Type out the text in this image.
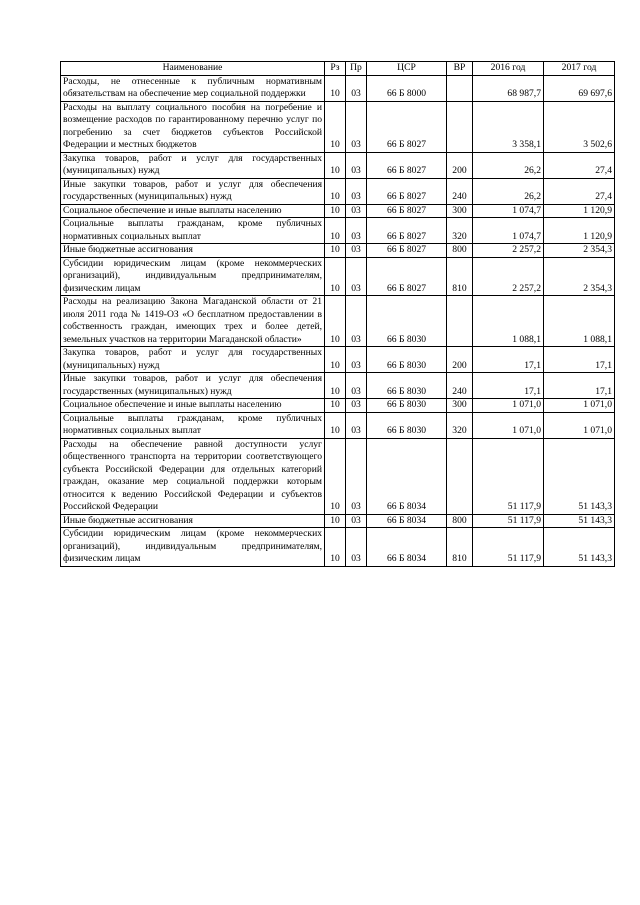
Наименование	Рз	Пр	ЦСР	ВР	2016 год	2017 год
Расходы, не отнесенные к публичным нормативным обязательствам на обеспечение мер социальной поддержки	10	03	66 Б 8000		68 987,7	69 697,6
Расходы на выплату социального пособия на погребение и возмещение расходов по гарантированному перечню услуг по погребению за счет бюджетов субъектов Российской Федерации и местных бюджетов	10	03	66 Б 8027		3 358,1	3 502,6
Закупка товаров, работ и услуг для государственных (муниципальных) нужд	10	03	66 Б 8027	200	26,2	27,4
Иные закупки товаров, работ и услуг для обеспечения государственных (муниципальных) нужд	10	03	66 Б 8027	240	26,2	27,4
Социальное обеспечение и иные выплаты населению	10	03	66 Б 8027	300	1 074,7	1 120,9
Социальные выплаты гражданам, кроме публичных нормативных социальных выплат	10	03	66 Б 8027	320	1 074,7	1 120,9
Иные бюджетные ассигнования	10	03	66 Б 8027	800	2 257,2	2 354,3
Субсидии юридическим лицам (кроме некоммерческих организаций), индивидуальным предпринимателям, физическим лицам	10	03	66 Б 8027	810	2 257,2	2 354,3
Расходы на реализацию Закона Магаданской области от 21 июля 2011 года № 1419-ОЗ «О бесплатном предоставлении в собственность граждан, имеющих трех и более детей, земельных участков на территории Магаданской области»	10	03	66 Б 8030		1 088,1	1 088,1
Закупка товаров, работ и услуг для государственных (муниципальных) нужд	10	03	66 Б 8030	200	17,1	17,1
Иные закупки товаров, работ и услуг для обеспечения государственных (муниципальных) нужд	10	03	66 Б 8030	240	17,1	17,1
Социальное обеспечение и иные выплаты населению	10	03	66 Б 8030	300	1 071,0	1 071,0
Социальные выплаты гражданам, кроме публичных нормативных социальных выплат	10	03	66 Б 8030	320	1 071,0	1 071,0
Расходы на обеспечение равной доступности услуг общественного транспорта на территории соответствующего субъекта Российской Федерации для отдельных категорий граждан, оказание мер социальной поддержки которым относится к ведению Российской Федерации и субъектов Российской Федерации	10	03	66 Б 8034		51 117,9	51 143,3
Иные бюджетные ассигнования	10	03	66 Б 8034	800	51 117,9	51 143,3
Субсидии юридическим лицам (кроме некоммерческих организаций), индивидуальным предпринимателям, физическим лицам	10	03	66 Б 8034	810	51 117,9	51 143,3
